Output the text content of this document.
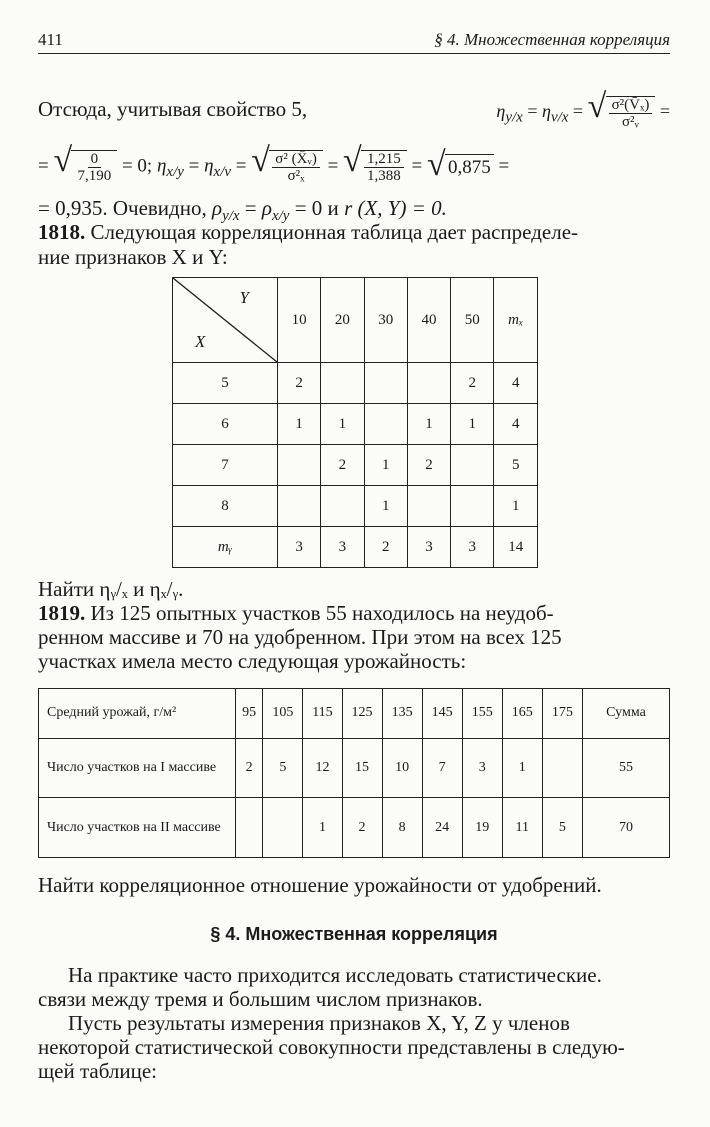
411	§ 4. Множественная корреляция
Отсюда, учитывая свойство 5,	$\eta_{y/x} = \eta_{v/x}$ = √ $\frac{\text{σ²(V̄ₓ)}}{\text{σ²ᵥ}}$ =
= √ $\frac{0}{7,190} = 0$; $\eta_{x/y} = \eta_{x/v}$ = √ $\frac{\text{σ² (X̄ᵥ)}}{\text{σ²ₓ}}$ = √ $\frac{1,215}{1,388}$ = √ 0,875 =
= 0,935. Очевидно, $\rho_{y/x} = \rho_{x/y} = 0$ и r (X, Y) = 0.
1818. Следующая корреляционная таблица дает распределе-
ние признаков X и Y:
Y
X	10	20	30	40	50	mₓ
5	2				2	4
6	1	1		1	1	4
7		2	1	2		5
8			1			1
mᵧ	3	3	2	3	3	14
Найти ηᵧ/ₓ и ηₓ/ᵧ.
1819. Из 125 опытных участков 55 находилось на неудоб-
ренном массиве и 70 на удобренном. При этом на всех 125
участках имела место следующая урожайность:
Средний урожай, г/м²	95	105	115	125	135	145	155	165	175	Сумма
Число участков на I массиве	2	5	12	15	10	7	3	1		55
Число участков на II массиве			1	2	8	24	19	11	5	70
Найти корреляционное отношение урожайности от удобрений.
§ 4. Множественная корреляция
На практике часто приходится исследовать статистические.
связи между тремя и большим числом признаков.
Пусть результаты измерения признаков X, Y, Z у членов
некоторой статистической совокупности представлены в следую-
щей таблице:
